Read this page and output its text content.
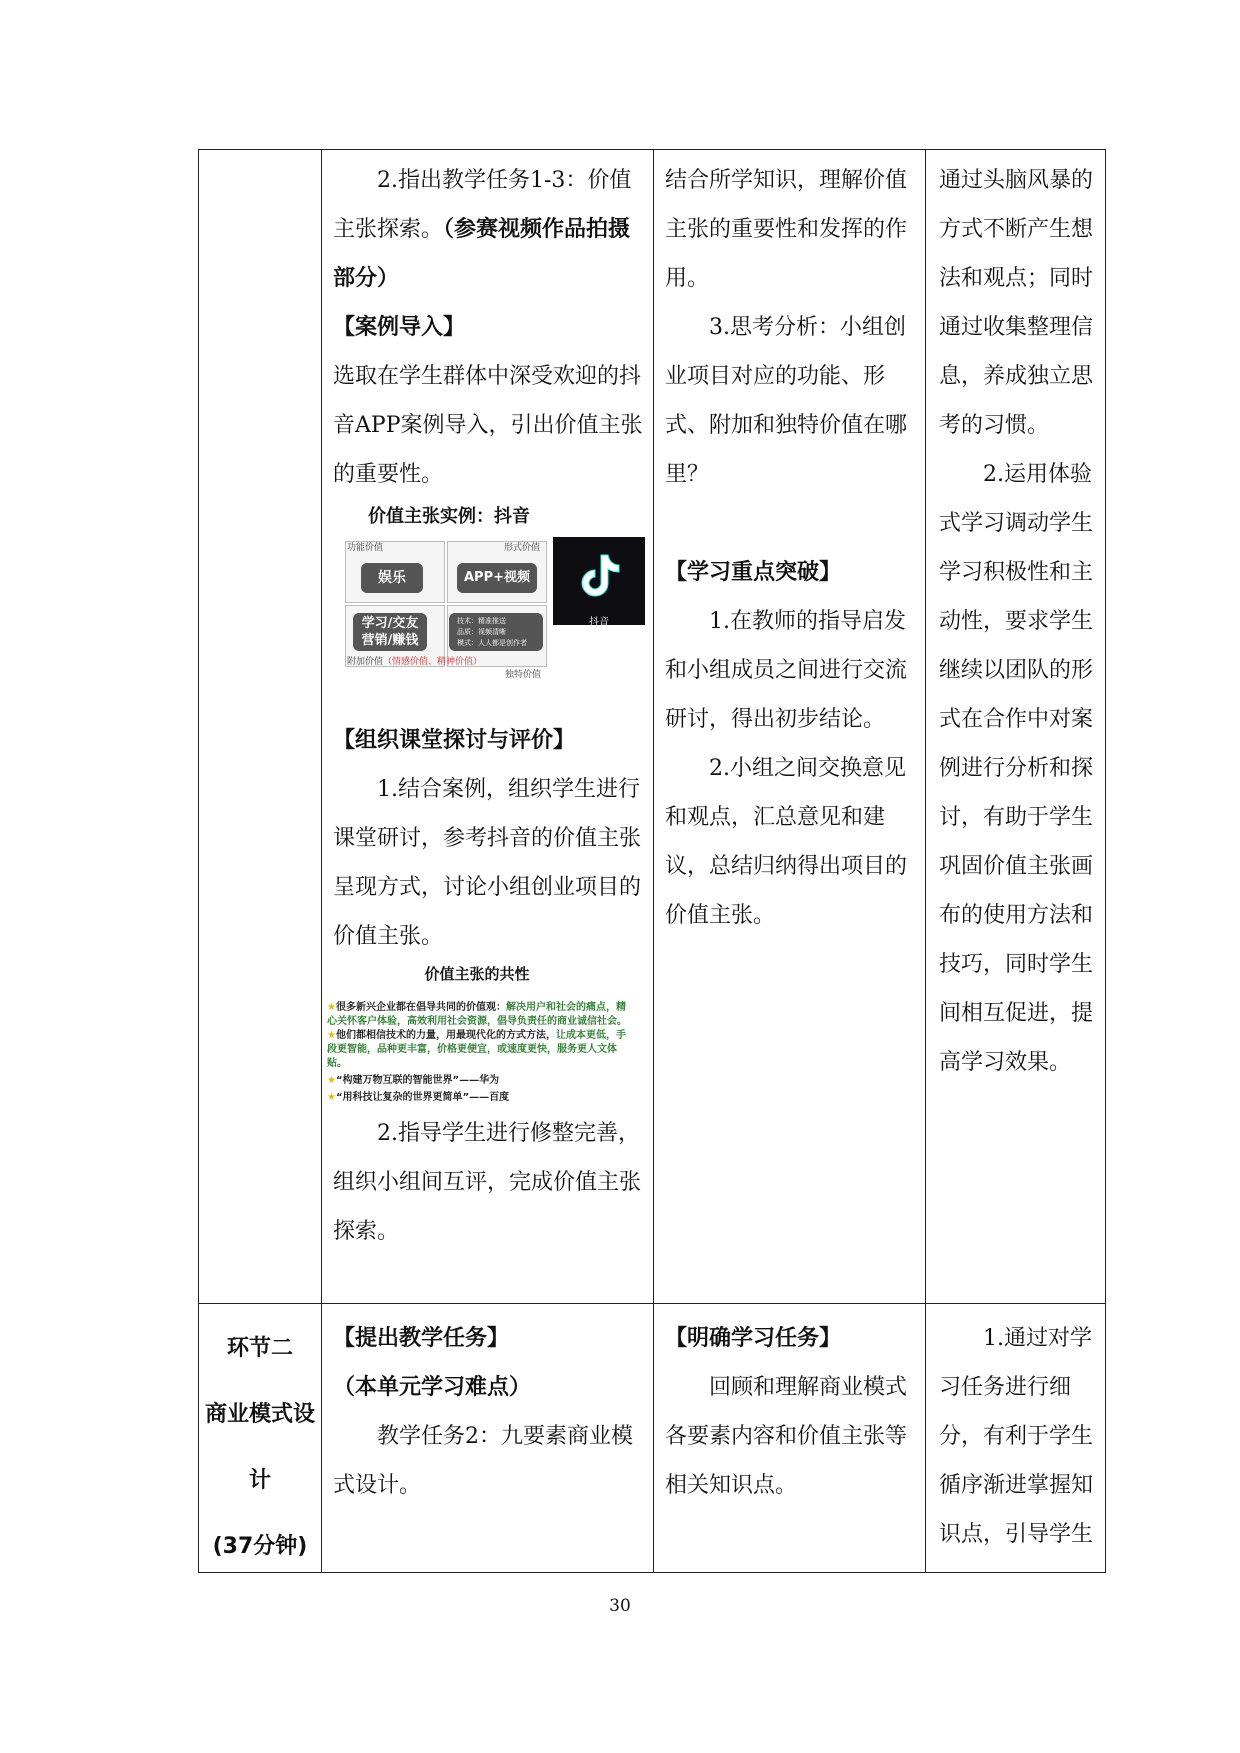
2.指出教学任务1-3：价值主张探索。（参赛视频作品拍摄部分）

【案例导入】

选取在学生群体中深受欢迎的抖音APP案例导入，引出价值主张的重要性。

价值主张实例：抖音
功能价值	形式价值
娱乐	APP+视频
学习/交友
营销/赚钱
技术：精准推送
品质：视频清晰
模式：人人都是创作者
附加价值（情感价值、精神价值）
独特价值
抖音

【组织课堂探讨与评价】

1.结合案例，组织学生进行课堂研讨，参考抖音的价值主张呈现方式，讨论小组创业项目的价值主张。

价值主张的共性
★很多新兴企业都在倡导共同的价值观：解决用户和社会的痛点，精心关怀客户体验，高效利用社会资源，倡导负责任的商业诚信社会。
★他们都相信技术的力量，用最现代化的方式方法，让成本更低，手段更智能，品种更丰富，价格更便宜，或速度更快，服务更人文体贴。
★“构建万物互联的智能世界”——华为
★“用科技让复杂的世界更简单”——百度

2.指导学生进行修整完善，组织小组间互评，完成价值主张探索。

结合所学知识，理解价值主张的重要性和发挥的作用。

3.思考分析：小组创业项目对应的功能、形式、附加和独特价值在哪里？

【学习重点突破】

1.在教师的指导启发和小组成员之间进行交流研讨，得出初步结论。

2.小组之间交换意见和观点，汇总意见和建议，总结归纳得出项目的价值主张。

通过头脑风暴的方式不断产生想法和观点；同时通过收集整理信息，养成独立思考的习惯。

2.运用体验式学习调动学生学习积极性和主动性，要求学生继续以团队的形式在合作中对案例进行分析和探讨，有助于学生巩固价值主张画布的使用方法和技巧，同时学生间相互促进，提高学习效果。

环节二

商业模式设

计

(37分钟)

【提出教学任务】

（本单元学习难点）

教学任务2：九要素商业模式设计。

【明确学习任务】

回顾和理解商业模式各要素内容和价值主张等相关知识点。

1.通过对学习任务进行细分，有利于学生循序渐进掌握知识点，引导学生

30
